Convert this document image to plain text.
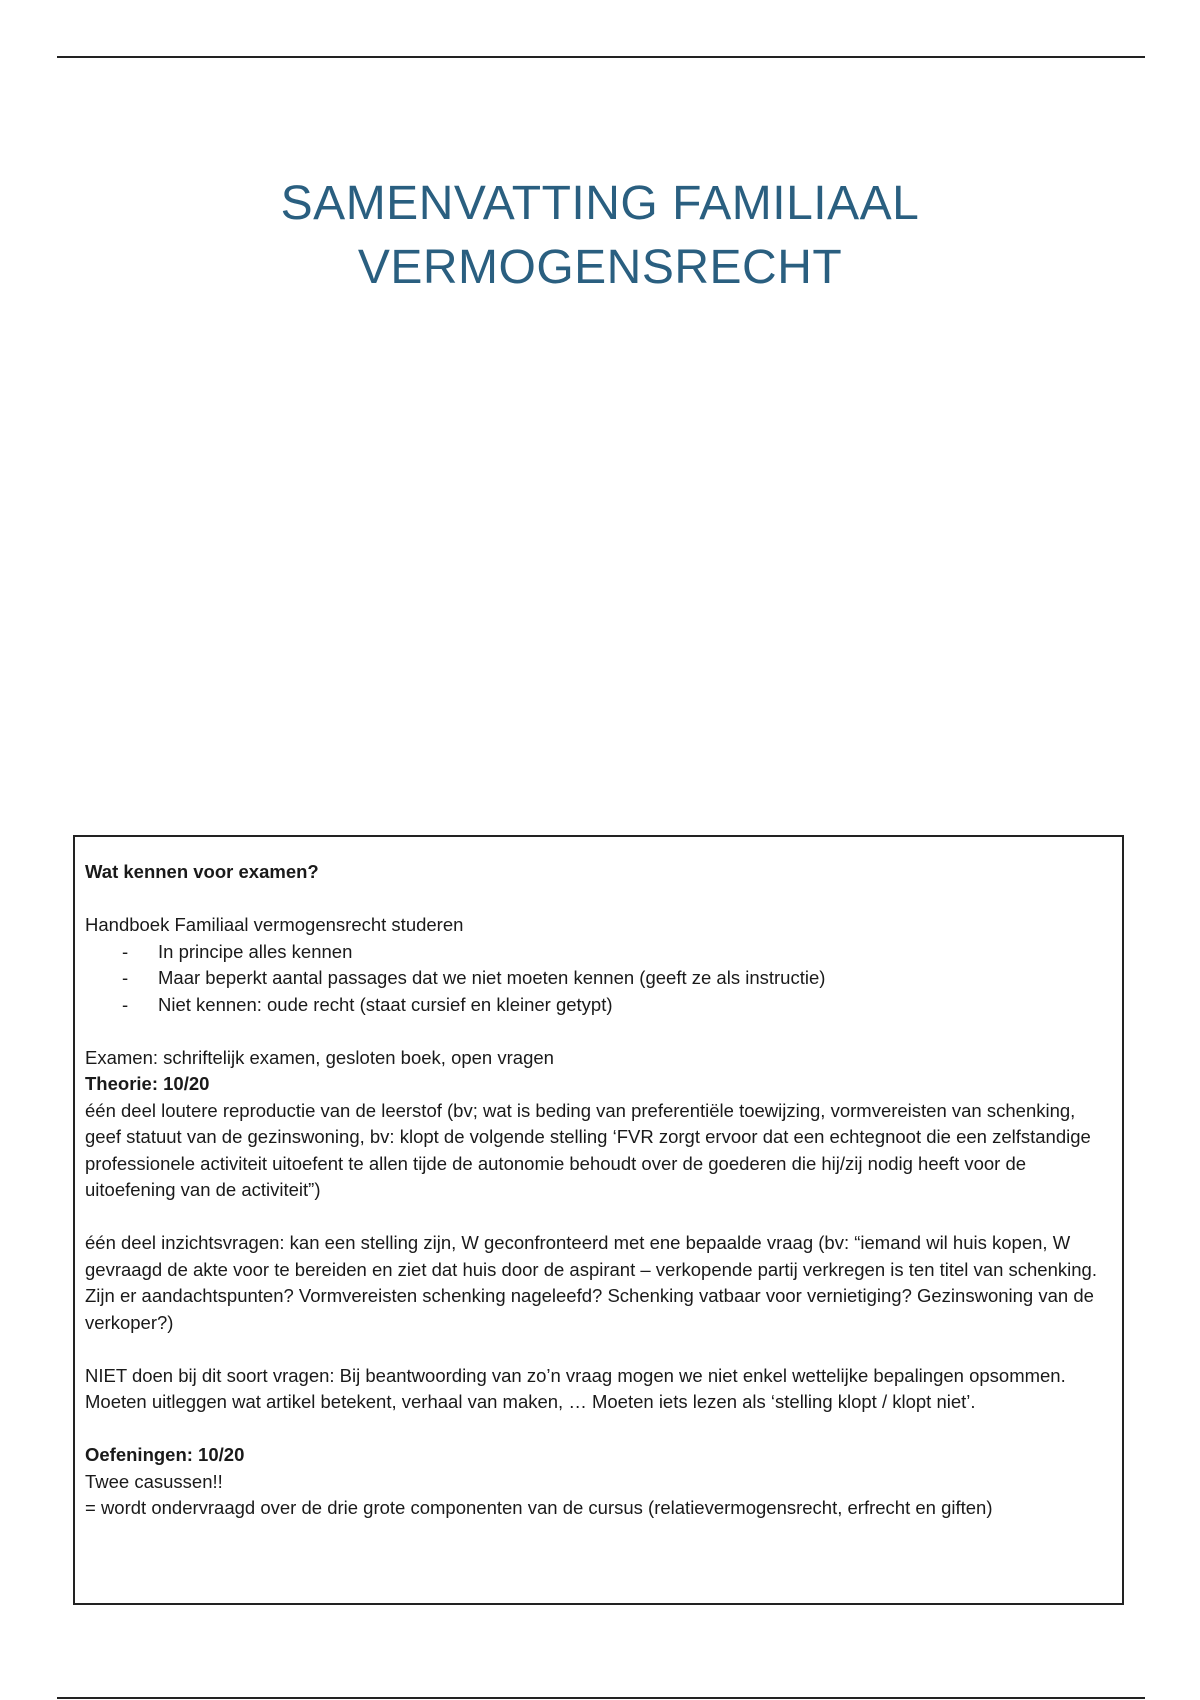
SAMENVATTING FAMILIAAL
VERMOGENSRECHT

Wat kennen voor examen?

Handboek Familiaal vermogensrecht studeren

- In principe alles kennen
- Maar beperkt aantal passages dat we niet moeten kennen (geeft ze als instructie)
- Niet kennen: oude recht (staat cursief en kleiner getypt)

Examen: schriftelijk examen, gesloten boek, open vragen

Theorie: 10/20

één deel loutere reproductie van de leerstof (bv; wat is beding van preferentiële toewijzing, vormvereisten van schenking, geef statuut van de gezinswoning, bv: klopt de volgende stelling ‘FVR zorgt ervoor dat een echtegnoot die een zelfstandige professionele activiteit uitoefent te allen tijde de autonomie behoudt over de goederen die hij/zij nodig heeft voor de uitoefening van de activiteit”)

één deel inzichtsvragen: kan een stelling zijn, W geconfronteerd met ene bepaalde vraag (bv: “iemand wil huis kopen, W gevraagd de akte voor te bereiden en ziet dat huis door de aspirant – verkopende partij verkregen is ten titel van schenking. Zijn er aandachtspunten? Vormvereisten schenking nageleefd? Schenking vatbaar voor vernietiging? Gezinswoning van de verkoper?)

NIET doen bij dit soort vragen: Bij beantwoording van zo’n vraag mogen we niet enkel wettelijke bepalingen opsommen. Moeten uitleggen wat artikel betekent, verhaal van maken, … Moeten iets lezen als ‘stelling klopt / klopt niet’.

Oefeningen: 10/20

Twee casussen!!

= wordt ondervraagd over de drie grote componenten van de cursus (relatievermogensrecht, erfrecht en giften)
